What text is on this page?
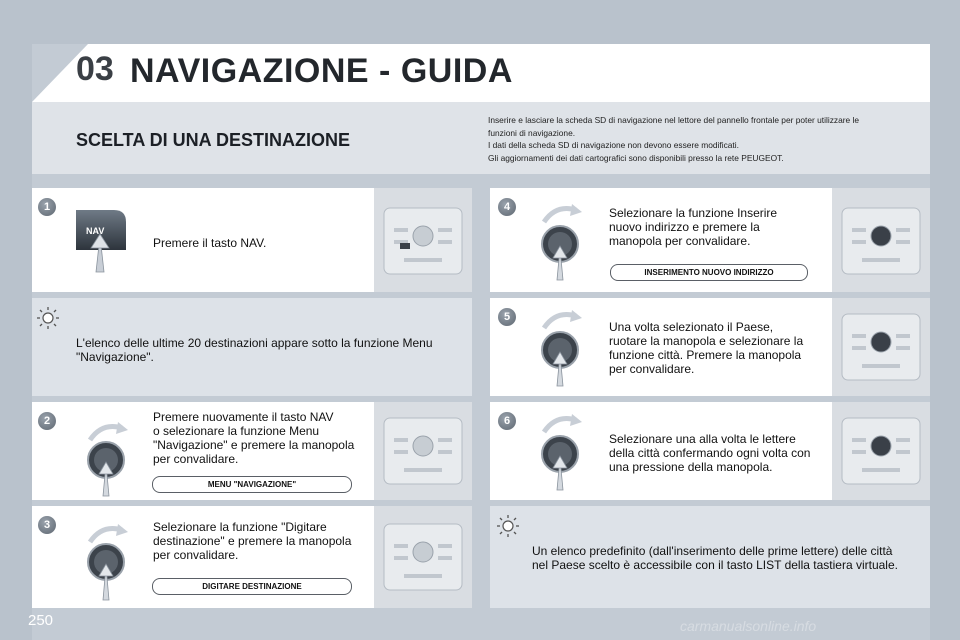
03 NAVIGAZIONE - GUIDA
SCELTA DI UNA DESTINAZIONE
Inserire e lasciare la scheda SD di navigazione nel lettore del pannello frontale per poter utilizzare le
funzioni di navigazione.
I dati della scheda SD di navigazione non devono essere modificati.
Gli aggiornamenti dei dati cartografici sono disponibili presso la rete PEUGEOT.
1
NAV
Premere il tasto NAV.
L'elenco delle ultime 20 destinazioni appare sotto la funzione Menu
"Navigazione".
2	Premere nuovamente il tasto NAV
o selezionare la funzione Menu
"Navigazione" e premere la manopola
per convalidare.
MENU "NAVIGAZIONE"
3	Selezionare la funzione "Digitare
destinazione" e premere la manopola
per convalidare.
DIGITARE DESTINAZIONE
4	Selezionare la funzione Inserire
nuovo indirizzo e premere la
manopola per convalidare.
INSERIMENTO NUOVO INDIRIZZO
5
Una volta selezionato il Paese,
ruotare la manopola e selezionare la
funzione città. Premere la manopola
per convalidare.
6
Selezionare una alla volta le lettere
della città confermando ogni volta con
una pressione della manopola.
Un elenco predefinito (dall'inserimento delle prime lettere) delle città
nel Paese scelto è accessibile con il tasto LIST della tastiera virtuale.
250	carmanualsonline.info
